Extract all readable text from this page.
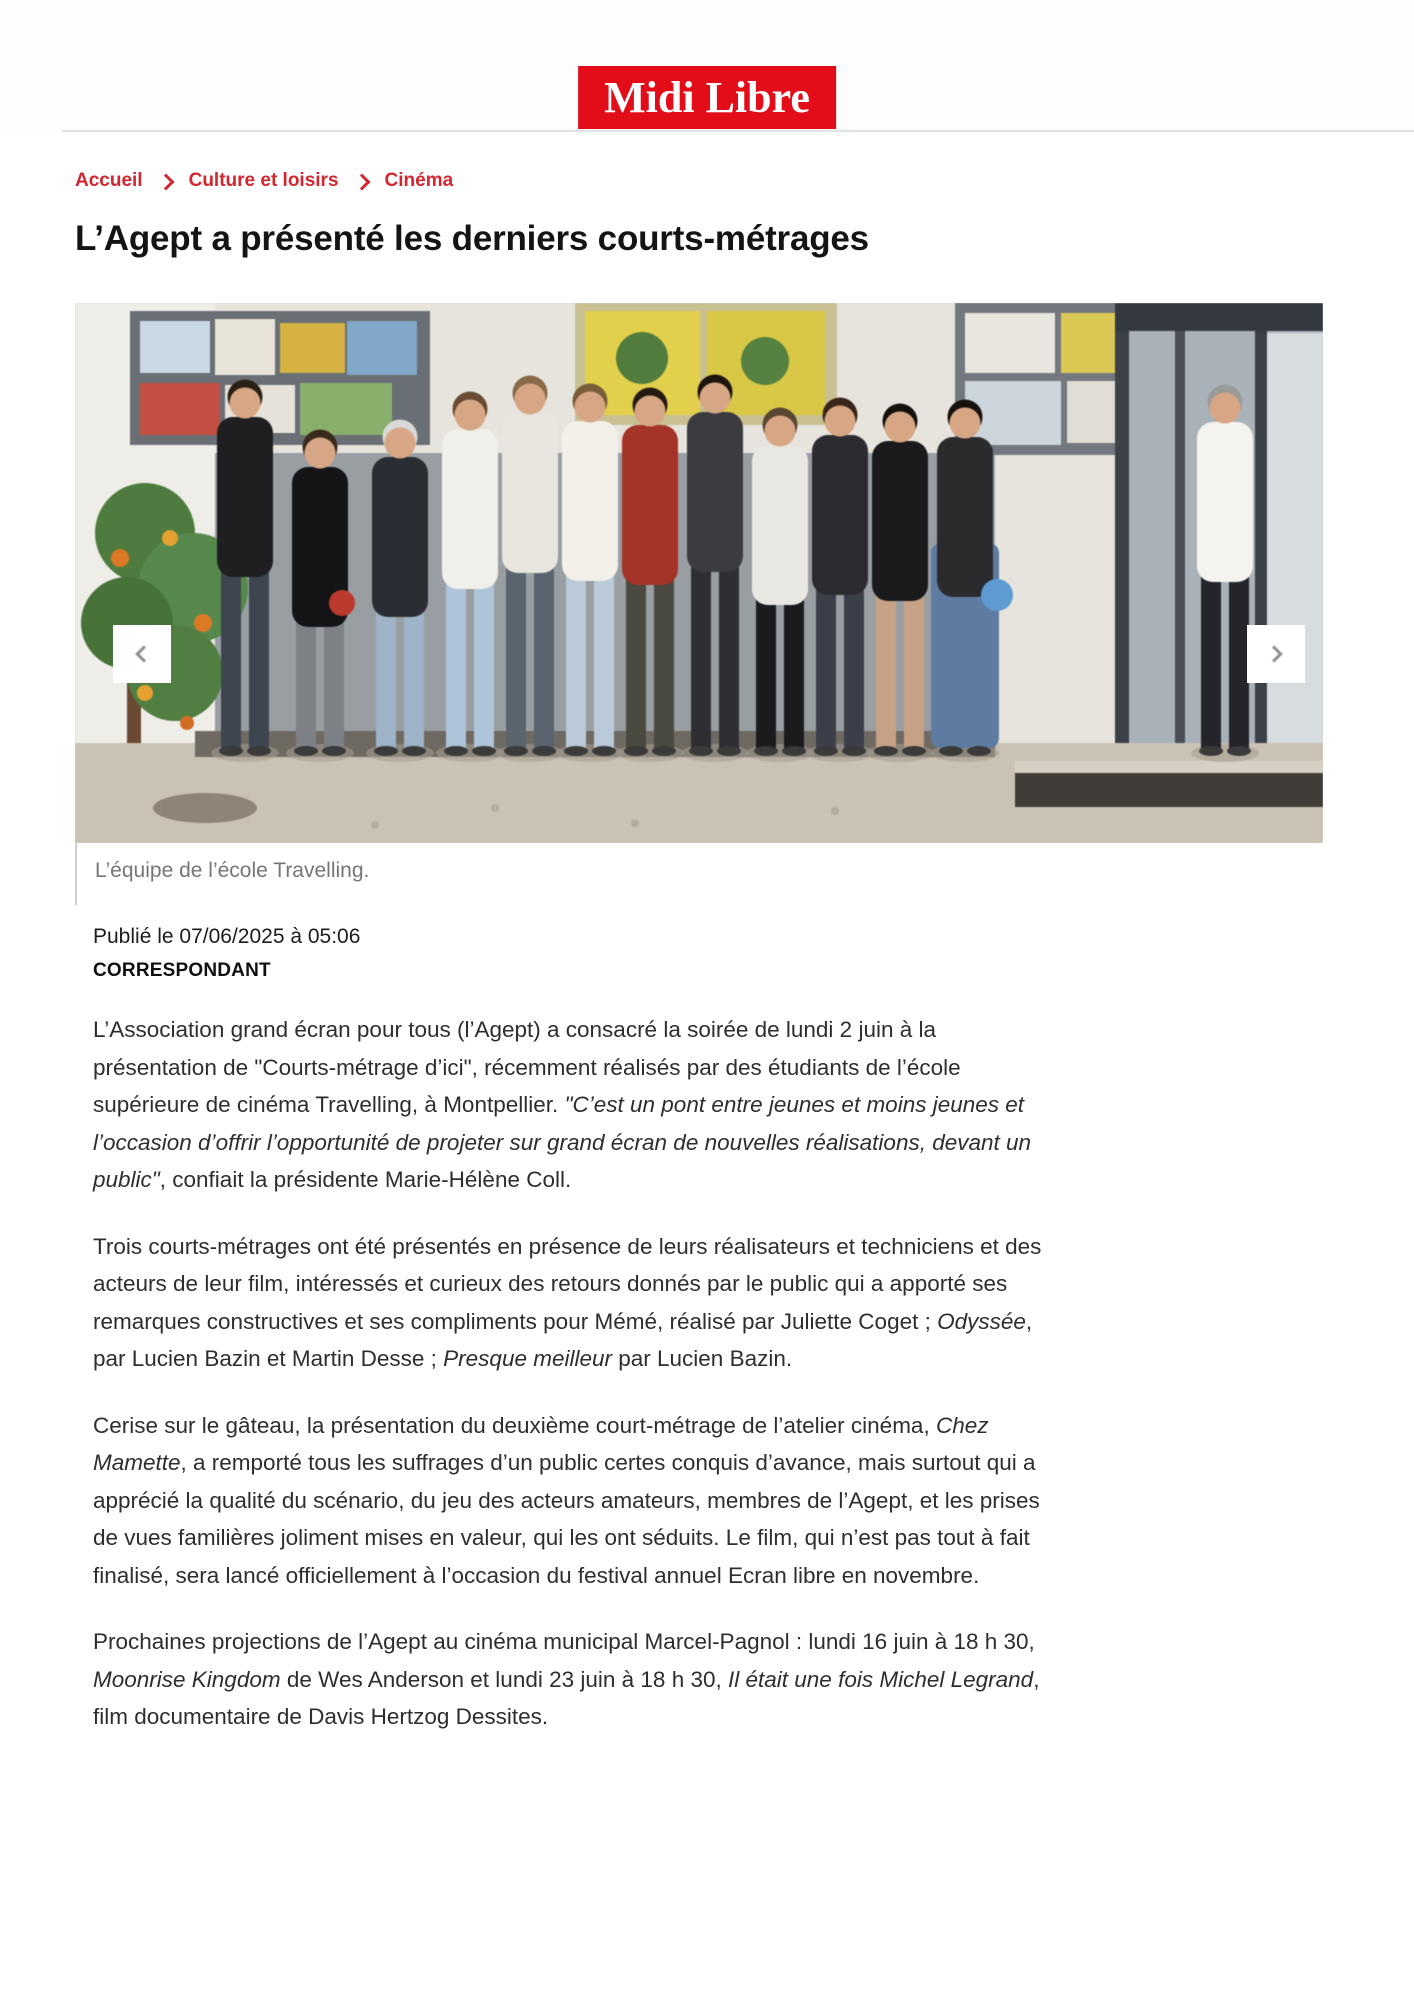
Midi Libre
Accueil Culture et loisirs Cinéma
L’Agept a présenté les derniers courts-métrages
L’équipe de l’école Travelling.
Publié le 07/06/2025 à 05:06
CORRESPONDANT

L’Association grand écran pour tous (l’Agept) a consacré la soirée de lundi 2 juin à la présentation de "Courts-métrage d’ici", récemment réalisés par des étudiants de l’école supérieure de cinéma Travelling, à Montpellier. "C’est un pont entre jeunes et moins jeunes et l’occasion d’offrir l’opportunité de projeter sur grand écran de nouvelles réalisations, devant un public", confiait la présidente Marie-Hélène Coll.

Trois courts-métrages ont été présentés en présence de leurs réalisateurs et techniciens et des acteurs de leur film, intéressés et curieux des retours donnés par le public qui a apporté ses remarques constructives et ses compliments pour Mémé, réalisé par Juliette Coget ; Odyssée, par Lucien Bazin et Martin Desse ; Presque meilleur par Lucien Bazin.

Cerise sur le gâteau, la présentation du deuxième court-métrage de l’atelier cinéma, Chez Mamette, a remporté tous les suffrages d’un public certes conquis d’avance, mais surtout qui a apprécié la qualité du scénario, du jeu des acteurs amateurs, membres de l’Agept, et les prises de vues familières joliment mises en valeur, qui les ont séduits. Le film, qui n’est pas tout à fait finalisé, sera lancé officiellement à l’occasion du festival annuel Ecran libre en novembre.

Prochaines projections de l’Agept au cinéma municipal Marcel-Pagnol : lundi 16 juin à 18 h 30, Moonrise Kingdom de Wes Anderson et lundi 23 juin à 18 h 30, Il était une fois Michel Legrand, film documentaire de Davis Hertzog Dessites.
